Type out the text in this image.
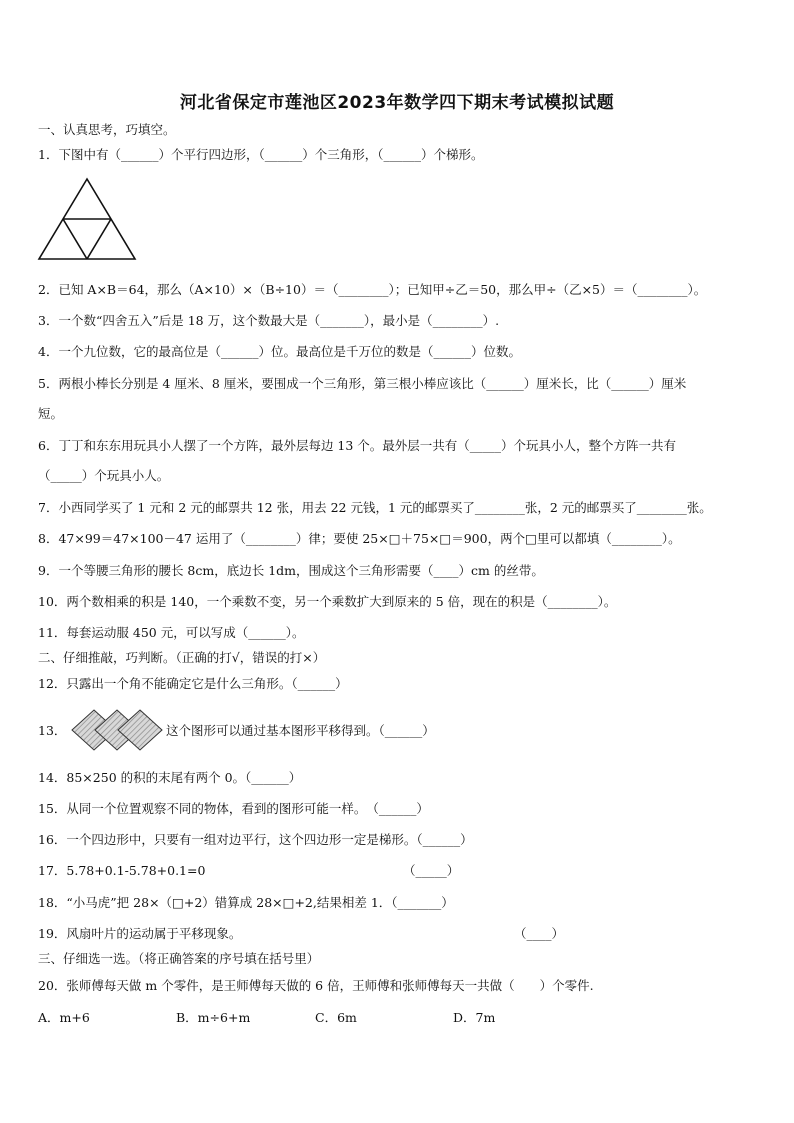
河北省保定市莲池区2023年数学四下期末考试模拟试题
一、认真思考，巧填空。
1．下图中有（______）个平行四边形，（______）个三角形，（______）个梯形。
2．已知 A×B＝64，那么（A×10）×（B÷10）＝（________）；已知甲÷乙＝50，那么甲÷（乙×5）＝（________）。
3．一个数“四舍五入”后是 18 万，这个数最大是（_______），最小是（________）.
4．一个九位数，它的最高位是（______）位。最高位是千万位的数是（______）位数。
5．两根小棒长分别是 4 厘米、8 厘米，要围成一个三角形，第三根小棒应该比（______）厘米长，比（______）厘米
短。
6．丁丁和东东用玩具小人摆了一个方阵，最外层每边 13 个。最外层一共有（_____）个玩具小人，整个方阵一共有
（_____）个玩具小人。
7．小西同学买了 1 元和 2 元的邮票共 12 张，用去 22 元钱，1 元的邮票买了________张，2 元的邮票买了________张。
8．47×99＝47×100－47 运用了（________）律；要使 25×□＋75×□＝900，两个□里可以都填（________）。
9．一个等腰三角形的腰长 8cm，底边长 1dm，围成这个三角形需要（____）cm 的丝带。
10．两个数相乘的积是 140，一个乘数不变，另一个乘数扩大到原来的 5 倍，现在的积是（________）。
11．每套运动服 450 元，可以写成（______）。
二、仔细推敲，巧判断。（正确的打√，错误的打×）
12．只露出一个角不能确定它是什么三角形。（______）
13．	这个图形可以通过基本图形平移得到。（______）
14．85×250 的积的末尾有两个 0。（______）
15．从同一个位置观察不同的物体，看到的图形可能一样。　（______）
16．一个四边形中，只要有一组对边平行，这个四边形一定是梯形。（______）
17．5.78+0.1-5.78+0.1=0	（_____）
18．“小马虎”把 28×（□+2）错算成 28×□+2,结果相差 1．（_______）
19．风扇叶片的运动属于平移现象。	（____）
三、仔细选一选。（将正确答案的序号填在括号里）
20．张师傅每天做 m 个零件，是王师傅每天做的 6 倍，王师傅和张师傅每天一共做（　　）个零件.
A．m+6	B．m÷6+m	C．6m	D．7m
